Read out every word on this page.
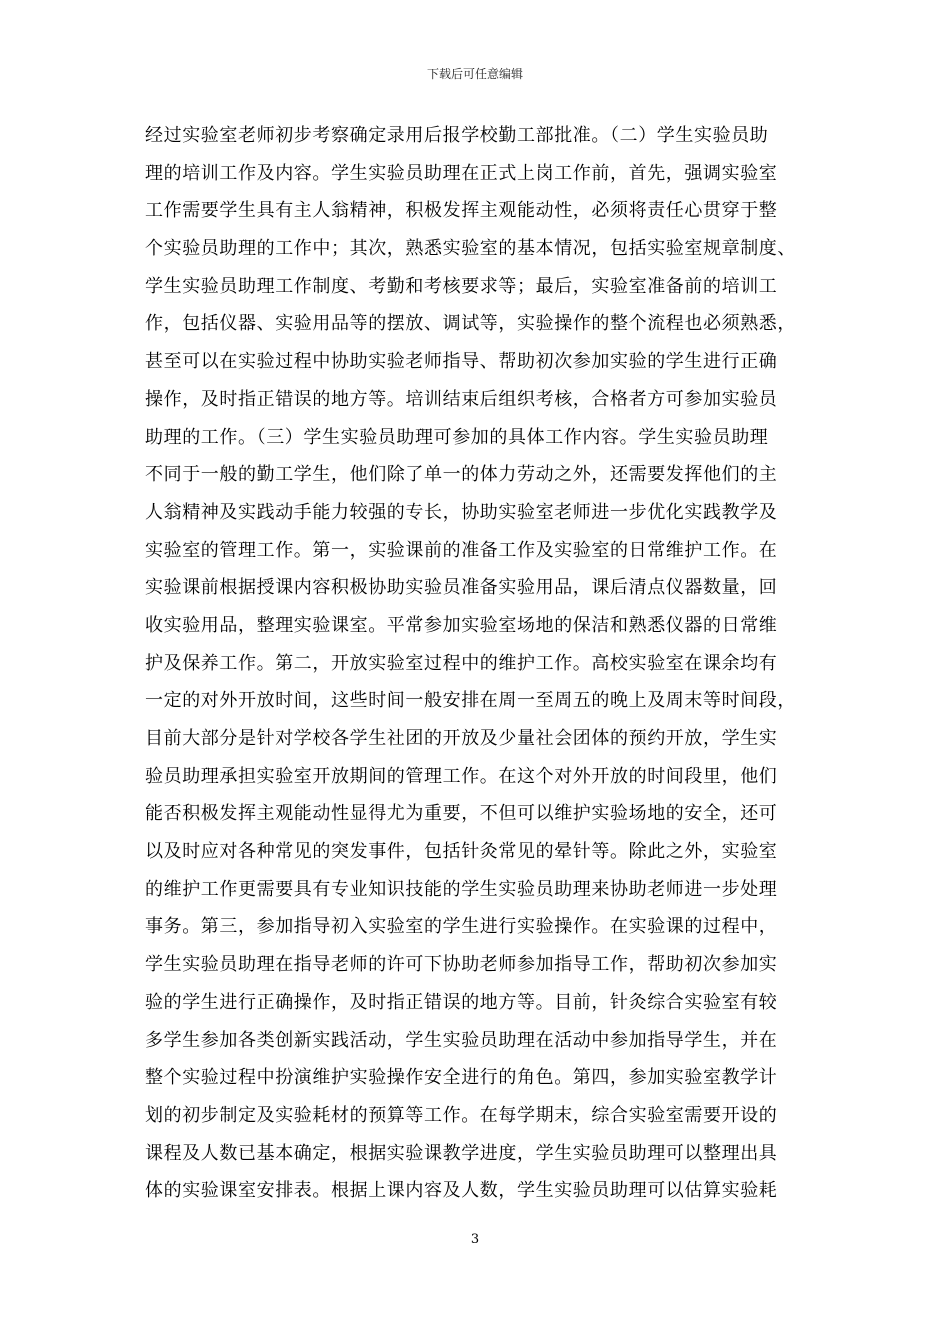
下载后可任意编辑
经过实验室老师初步考察确定录用后报学校勤工部批准。（二）学生实验员助
理的培训工作及内容。学生实验员助理在正式上岗工作前，首先，强调实验室
工作需要学生具有主人翁精神，积极发挥主观能动性，必须将责任心贯穿于整
个实验员助理的工作中；其次，熟悉实验室的基本情况，包括实验室规章制度、
学生实验员助理工作制度、考勤和考核要求等；最后，实验室准备前的培训工
作，包括仪器、实验用品等的摆放、调试等，实验操作的整个流程也必须熟悉，
甚至可以在实验过程中协助实验老师指导、帮助初次参加实验的学生进行正确
操作，及时指正错误的地方等。培训结束后组织考核，合格者方可参加实验员
助理的工作。（三）学生实验员助理可参加的具体工作内容。学生实验员助理
不同于一般的勤工学生，他们除了单一的体力劳动之外，还需要发挥他们的主
人翁精神及实践动手能力较强的专长，协助实验室老师进一步优化实践教学及
实验室的管理工作。第一，实验课前的准备工作及实验室的日常维护工作。在
实验课前根据授课内容积极协助实验员准备实验用品，课后清点仪器数量，回
收实验用品，整理实验课室。平常参加实验室场地的保洁和熟悉仪器的日常维
护及保养工作。第二，开放实验室过程中的维护工作。高校实验室在课余均有
一定的对外开放时间，这些时间一般安排在周一至周五的晚上及周末等时间段，
目前大部分是针对学校各学生社团的开放及少量社会团体的预约开放，学生实
验员助理承担实验室开放期间的管理工作。在这个对外开放的时间段里，他们
能否积极发挥主观能动性显得尤为重要，不但可以维护实验场地的安全，还可
以及时应对各种常见的突发事件，包括针灸常见的晕针等。除此之外，实验室
的维护工作更需要具有专业知识技能的学生实验员助理来协助老师进一步处理
事务。第三，参加指导初入实验室的学生进行实验操作。在实验课的过程中，
学生实验员助理在指导老师的许可下协助老师参加指导工作，帮助初次参加实
验的学生进行正确操作，及时指正错误的地方等。目前，针灸综合实验室有较
多学生参加各类创新实践活动，学生实验员助理在活动中参加指导学生，并在
整个实验过程中扮演维护实验操作安全进行的角色。第四，参加实验室教学计
划的初步制定及实验耗材的预算等工作。在每学期末，综合实验室需要开设的
课程及人数已基本确定，根据实验课教学进度，学生实验员助理可以整理出具
体的实验课室安排表。根据上课内容及人数，学生实验员助理可以估算实验耗
3
